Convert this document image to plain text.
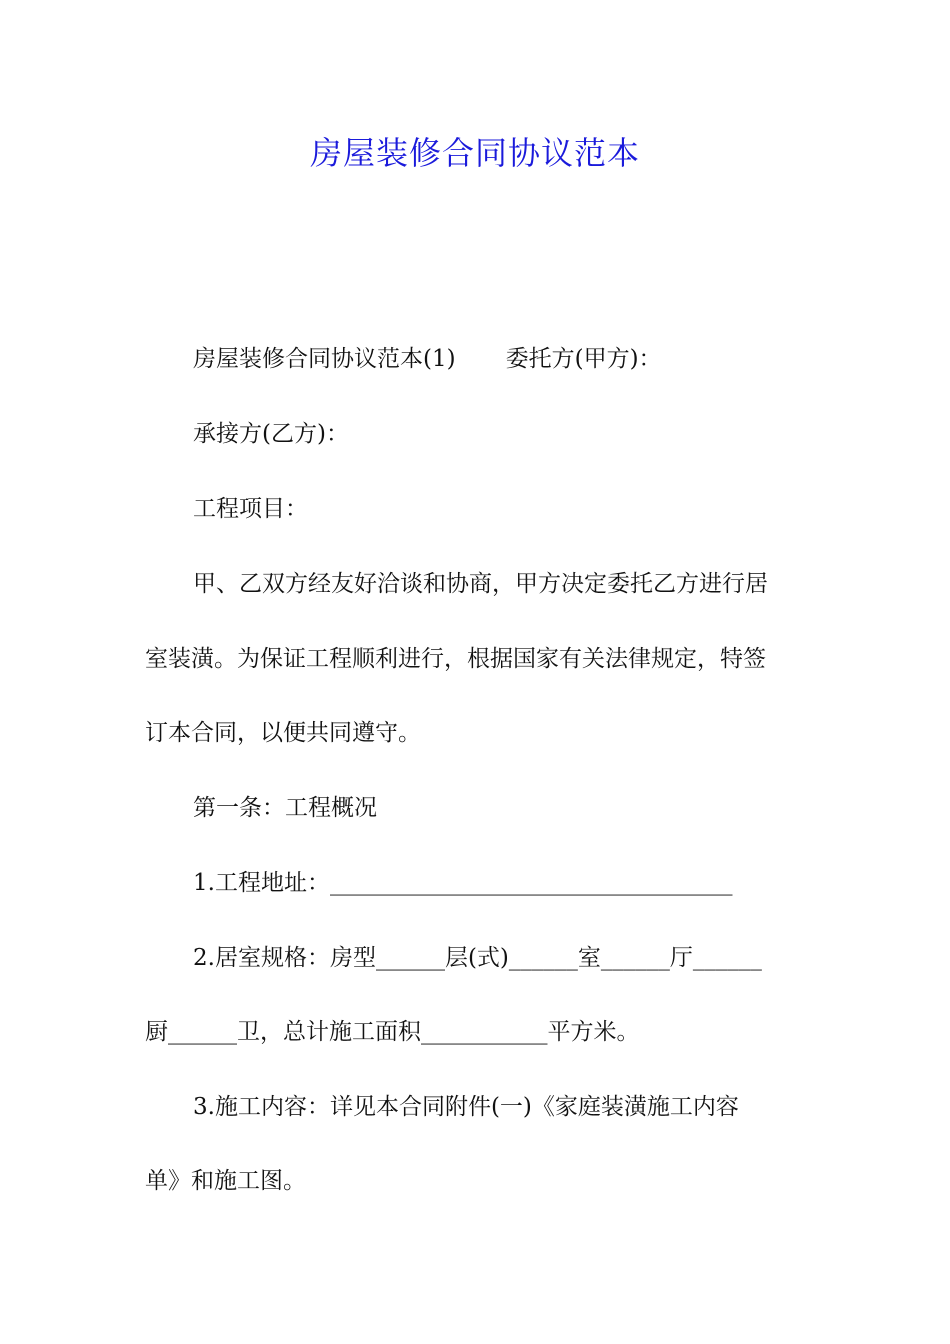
房屋装修合同协议范本

房屋装修合同协议范本(1) 委托方(甲方)：

承接方(乙方)：

工程项目：

甲、乙双方经友好洽谈和协商，甲方决定委托乙方进行居

室装潢。为保证工程顺利进行，根据国家有关法律规定，特签

订本合同，以便共同遵守。

第一条：工程概况

1.工程地址：___________________________________

2.居室规格：房型______层(式)______室______厅______

厨______卫，总计施工面积___________平方米。

3.施工内容：详见本合同附件(一)《家庭装潢施工内容

单》和施工图。
